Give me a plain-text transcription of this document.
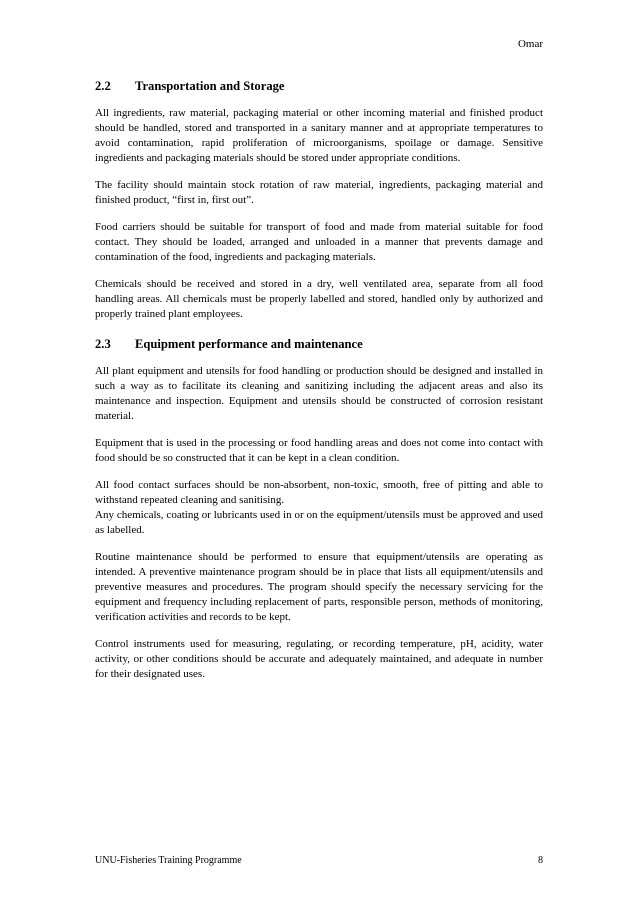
Omar
2.2	Transportation and Storage

All ingredients, raw material, packaging material or other incoming material and finished product should be handled, stored and transported in a sanitary manner and at appropriate temperatures to avoid contamination, rapid proliferation of microorganisms, spoilage or damage. Sensitive ingredients and packaging materials should be stored under appropriate conditions.

The facility should maintain stock rotation of raw material, ingredients, packaging material and finished product, “first in, first out”.

Food carriers should be suitable for transport of food and made from material suitable for food contact. They should be loaded, arranged and unloaded in a manner that prevents damage and contamination of the food, ingredients and packaging materials.

Chemicals should be received and stored in a dry, well ventilated area, separate from all food handling areas. All chemicals must be properly labelled and stored, handled only by authorized and properly trained plant employees.

2.3	Equipment performance and maintenance

All plant equipment and utensils for food handling or production should be designed and installed in such a way as to facilitate its cleaning and sanitizing including the adjacent areas and also its maintenance and inspection. Equipment and utensils should be constructed of corrosion resistant material.

Equipment that is used in the processing or food handling areas and does not come into contact with food should be so constructed that it can be kept in a clean condition.

All food contact surfaces should be non-absorbent, non-toxic, smooth, free of pitting and able to withstand repeated cleaning and sanitising.

Any chemicals, coating or lubricants used in or on the equipment/utensils must be approved and used as labelled.

Routine maintenance should be performed to ensure that equipment/utensils are operating as intended. A preventive maintenance program should be in place that lists all equipment/utensils and preventive measures and procedures. The program should specify the necessary servicing for the equipment and frequency including replacement of parts, responsible person, methods of monitoring, verification activities and records to be kept.

Control instruments used for measuring, regulating, or recording temperature, pH, acidity, water activity, or other conditions should be accurate and adequately maintained, and adequate in number for their designated uses.

UNU-Fisheries Training Programme	8
